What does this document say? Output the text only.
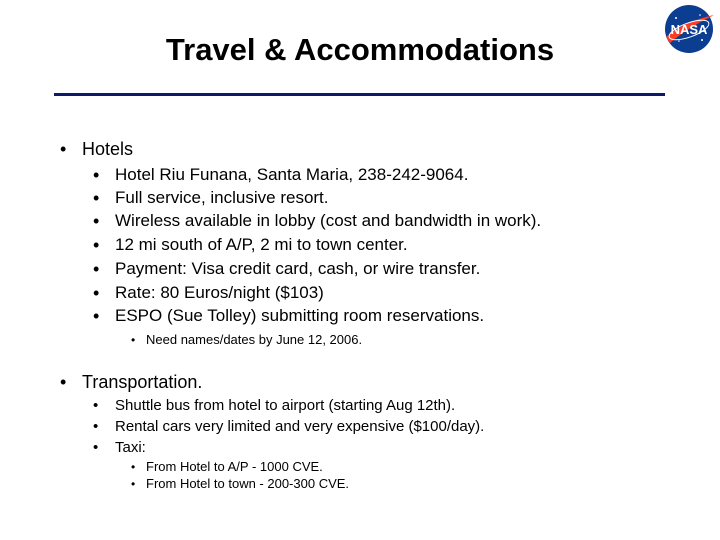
Travel & Accommodations
NASA
• Hotels
• Hotel Riu Funana, Santa Maria, 238-242-9064.
• Full service, inclusive resort.
• Wireless available in lobby (cost and bandwidth in work).
• 12 mi south of A/P, 2 mi to town center.
• Payment: Visa credit card, cash, or wire transfer.
• Rate: 80 Euros/night ($103)
• ESPO (Sue Tolley) submitting room reservations.
• Need names/dates by June 12, 2006.
• Transportation.
• Shuttle bus from hotel to airport (starting Aug 12th).
• Rental cars very limited and very expensive ($100/day).
• Taxi:
• From Hotel to A/P - 1000 CVE.
• From Hotel to town - 200-300 CVE.
